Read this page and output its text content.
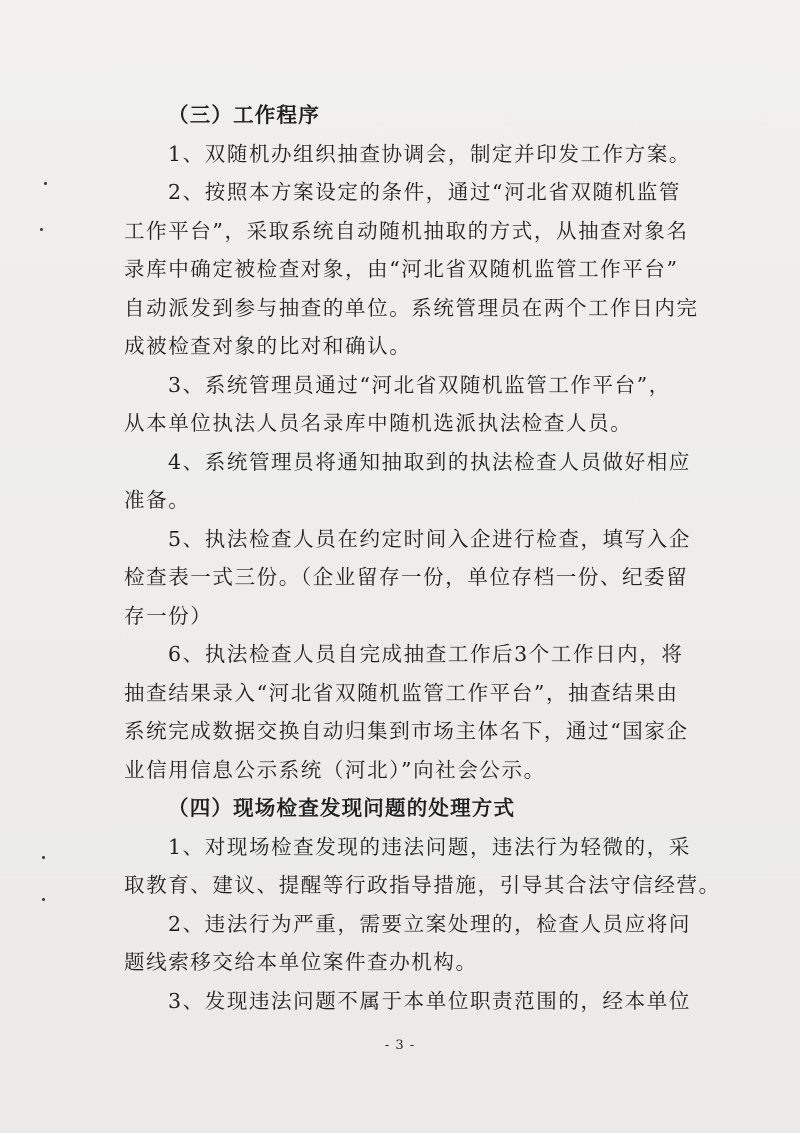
（三）工作程序
1、双随机办组织抽查协调会，制定并印发工作方案。
2、按照本方案设定的条件，通过“河北省双随机监管
工作平台”，采取系统自动随机抽取的方式，从抽查对象名
录库中确定被检查对象，由“河北省双随机监管工作平台”
自动派发到参与抽查的单位。系统管理员在两个工作日内完
成被检查对象的比对和确认。
3、系统管理员通过“河北省双随机监管工作平台”，
从本单位执法人员名录库中随机选派执法检查人员。
4、系统管理员将通知抽取到的执法检查人员做好相应
准备。
5、执法检查人员在约定时间入企进行检查，填写入企
检查表一式三份。（企业留存一份，单位存档一份、纪委留
存一份）
6、执法检查人员自完成抽查工作后3个工作日内，将
抽查结果录入“河北省双随机监管工作平台”，抽查结果由
系统完成数据交换自动归集到市场主体名下，通过“国家企
业信用信息公示系统（河北）”向社会公示。
（四）现场检查发现问题的处理方式
1、对现场检查发现的违法问题，违法行为轻微的，采
取教育、建议、提醒等行政指导措施，引导其合法守信经营。
2、违法行为严重，需要立案处理的，检查人员应将问
题线索移交给本单位案件查办机构。
3、发现违法问题不属于本单位职责范围的，经本单位
- 3 -
